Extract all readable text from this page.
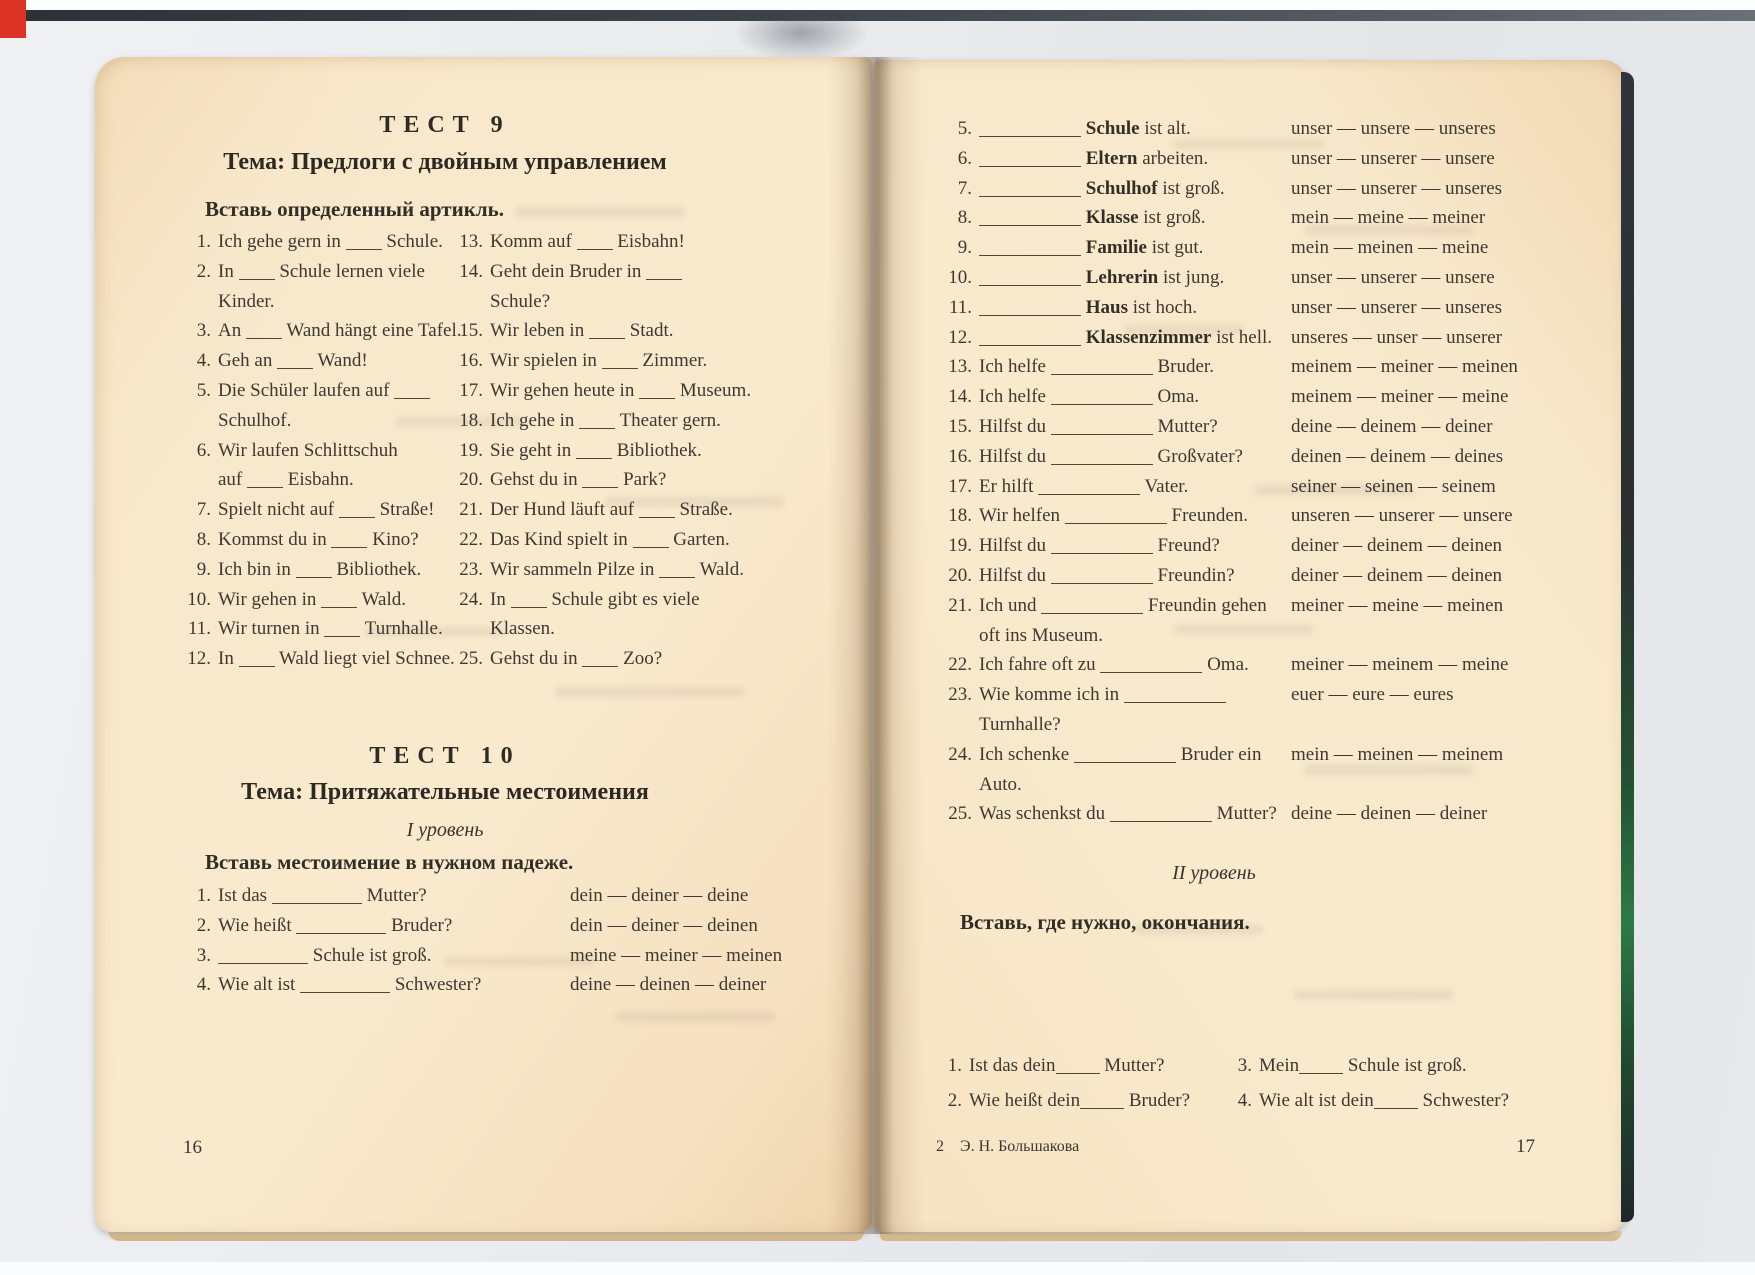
ТЕСТ 9
Тема: Предлоги с двойным управлением
Вставь определенный артикль.
1. Ich gehe gern in Schule.
2. In Schule lernen viele
Kinder.
3. An Wand hängt eine Tafel.
4. Geh an Wand!
5. Die Schüler laufen auf
Schulhof.
6. Wir laufen Schlittschuh
auf Eisbahn.
7. Spielt nicht auf Straße!
8. Kommst du in Kino?
9. Ich bin in Bibliothek.
10. Wir gehen in Wald.
11. Wir turnen in Turnhalle.
12. In Wald liegt viel Schnee.
13. Komm auf Eisbahn!
14. Geht dein Bruder in
Schule?
15. Wir leben in Stadt.
16. Wir spielen in Zimmer.
17. Wir gehen heute in Museum.
18. Ich gehe in Theater gern.
19. Sie geht in Bibliothek.
20. Gehst du in Park?
21. Der Hund läuft auf Straße.
22. Das Kind spielt in Garten.
23. Wir sammeln Pilze in Wald.
24. In Schule gibt es viele
Klassen.
25. Gehst du in Zoo?
ТЕСТ 10
Тема: Притяжательные местоимения
I уровень
Вставь местоимение в нужном падеже.
1. Ist das	Mutter?	dein — deiner — deine
2. Wie heißt	Bruder?	dein — deiner — deinen
3.	Schule ist groß.	meine — meiner — meinen
4. Wie alt ist	Schwester?	deine — deinen — deiner
16
5.	Schule ist alt.	unser — unsere — unseres
6.	Eltern arbeiten.	unser — unserer — unsere
7.	Schulhof ist groß.	unser — unserer — unseres
8.	Klasse ist groß.	mein — meine — meiner
9.	Familie ist gut.	mein — meinen — meine
10.	Lehrerin ist jung.	unser — unserer — unsere
11.	Haus ist hoch.	unser — unserer — unseres
12.	Klassenzimmer ist hell. unseres — unser — unserer
13. Ich helfe	Bruder.	meinem — meiner — meinen
14. Ich helfe	Oma.	meinem — meiner — meine
15. Hilfst du	Mutter?	deine — deinem — deiner
16. Hilfst du	Großvater?	deinen — deinem — deines
17. Er hilft	Vater.	seiner — seinen — seinem
18. Wir helfen	Freunden.	unseren — unserer — unsere
19. Hilfst du	Freund?	deiner — deinem — deinen
20. Hilfst du	Freundin?	deiner — deinem — deinen
21. Ich und	Freundin gehen
oft ins Museum.
meiner — meine — meinen
22. Ich fahre oft zu	Oma.	meiner — meinem — meine
23. Wie komme ich in
Turnhalle?
euer — eure — eures
24. Ich schenke	Bruder ein
Auto.
mein — meinen — meinem
25. Was schenkst du	Mutter? deine — deinen — deiner
II уровень
Вставь, где нужно, окончания.
1. Ist das dein	Mutter?
2. Wie heißt dein	Bruder?
3. Mein	Schule ist groß.
4. Wie alt ist dein	Schwester?
2 Э. Н. Большакова	17
